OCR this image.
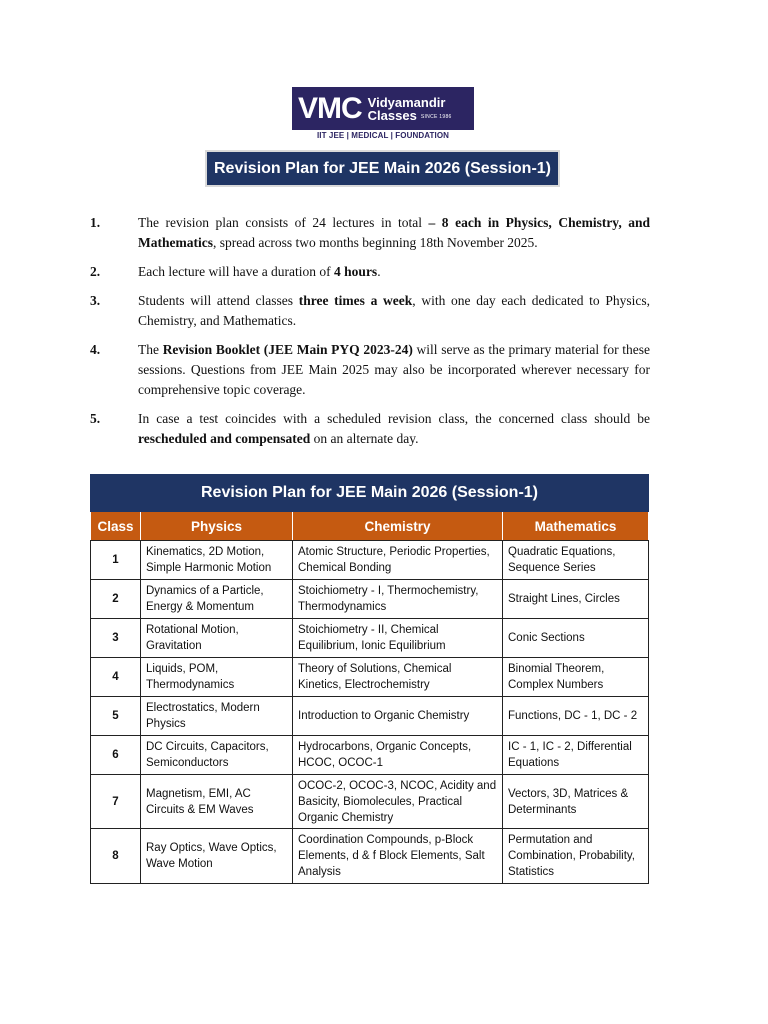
VMC Vidyamandir
Classes SINCE 1986
IIT JEE | MEDICAL | FOUNDATION
Revision Plan for JEE Main 2026 (Session-1)
1.	The revision plan consists of 24 lectures in total – 8 each in Physics, Chemistry, and Mathematics, spread across two months beginning 18th November 2025.
2.	Each lecture will have a duration of 4 hours.
3.	Students will attend classes three times a week, with one day each dedicated to Physics, Chemistry, and Mathematics.
4.	The Revision Booklet (JEE Main PYQ 2023-24) will serve as the primary material for these sessions. Questions from JEE Main 2025 may also be incorporated wherever necessary for comprehensive topic coverage.
5.	In case a test coincides with a scheduled revision class, the concerned class should be rescheduled and compensated on an alternate day.
Revision Plan for JEE Main 2026 (Session-1)			
Class	Physics	Chemistry	Mathematics
1	Kinematics, 2D Motion, Simple Harmonic Motion	Atomic Structure, Periodic Properties, Chemical Bonding	Quadratic Equations, Sequence Series
2	Dynamics of a Particle, Energy & Momentum	Stoichiometry - I, Thermochemistry, Thermodynamics	Straight Lines, Circles
3	Rotational Motion, Gravitation	Stoichiometry - II, Chemical Equilibrium, Ionic Equilibrium	Conic Sections
4	Liquids, POM, Thermodynamics	Theory of Solutions, Chemical Kinetics, Electrochemistry	Binomial Theorem, Complex Numbers
5	Electrostatics, Modern Physics	Introduction to Organic Chemistry	Functions, DC - 1, DC - 2
6	DC Circuits, Capacitors, Semiconductors	Hydrocarbons, Organic Concepts, HCOC, OCOC-1	IC - 1, IC - 2, Differential Equations
7	Magnetism, EMI, AC Circuits & EM Waves	OCOC-2, OCOC-3, NCOC, Acidity and Basicity, Biomolecules, Practical Organic Chemistry	Vectors, 3D, Matrices & Determinants
8	Ray Optics, Wave Optics, Wave Motion	Coordination Compounds, p-Block Elements, d & f Block Elements, Salt Analysis	Permutation and Combination, Probability, Statistics
